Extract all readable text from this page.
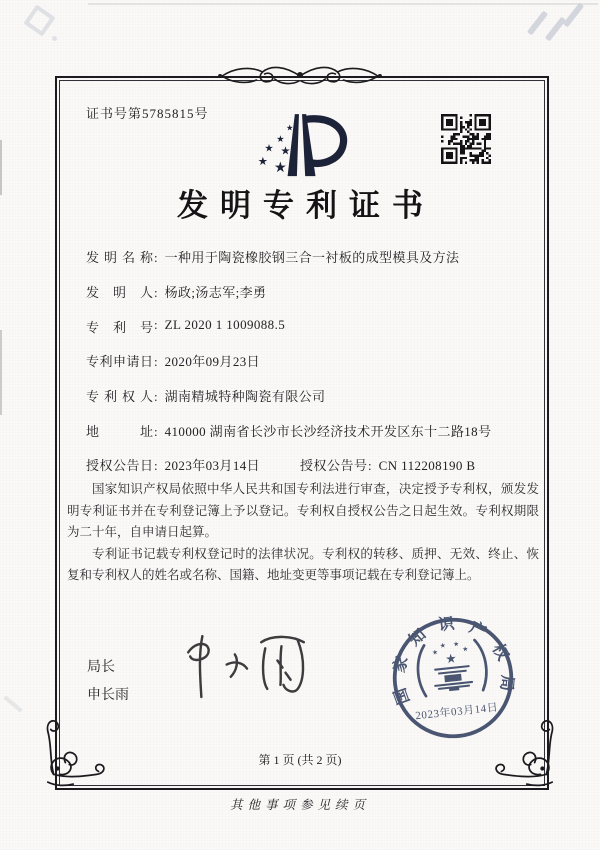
证书号第5785815号
★
★
★ ★
★ ★
发明专利证书
发明名称: 一种用于陶瓷橡胶钢三合一衬板的成型模具及方法
发明人: 杨政;汤志军;李勇
专利号: ZL 2020 1 1009088.5
专利申请日: 2020年09月23日
专利权人: 湖南精城特种陶瓷有限公司
地址: 410000 湖南省长沙市长沙经济技术开发区东十二路18号
授权公告日: 2023年03月14日	授权公告号: CN 112208190 B

国家知识产权局依照中华人民共和国专利法进行审查，决定授予专利权，颁发发明专利证书并在专利登记簿上予以登记。专利权自授权公告之日起生效。专利权期限为二十年，自申请日起算。

专利证书记载专利权登记时的法律状况。专利权的转移、质押、无效、终止、恢复和专利权人的姓名或名称、国籍、地址变更等事项记载在专利登记簿上。

局长
申长雨	国家知识产权局
★
★ ★
★
★
2023年03月14日
第 1 页 (共 2 页)
其他事项参见续页
